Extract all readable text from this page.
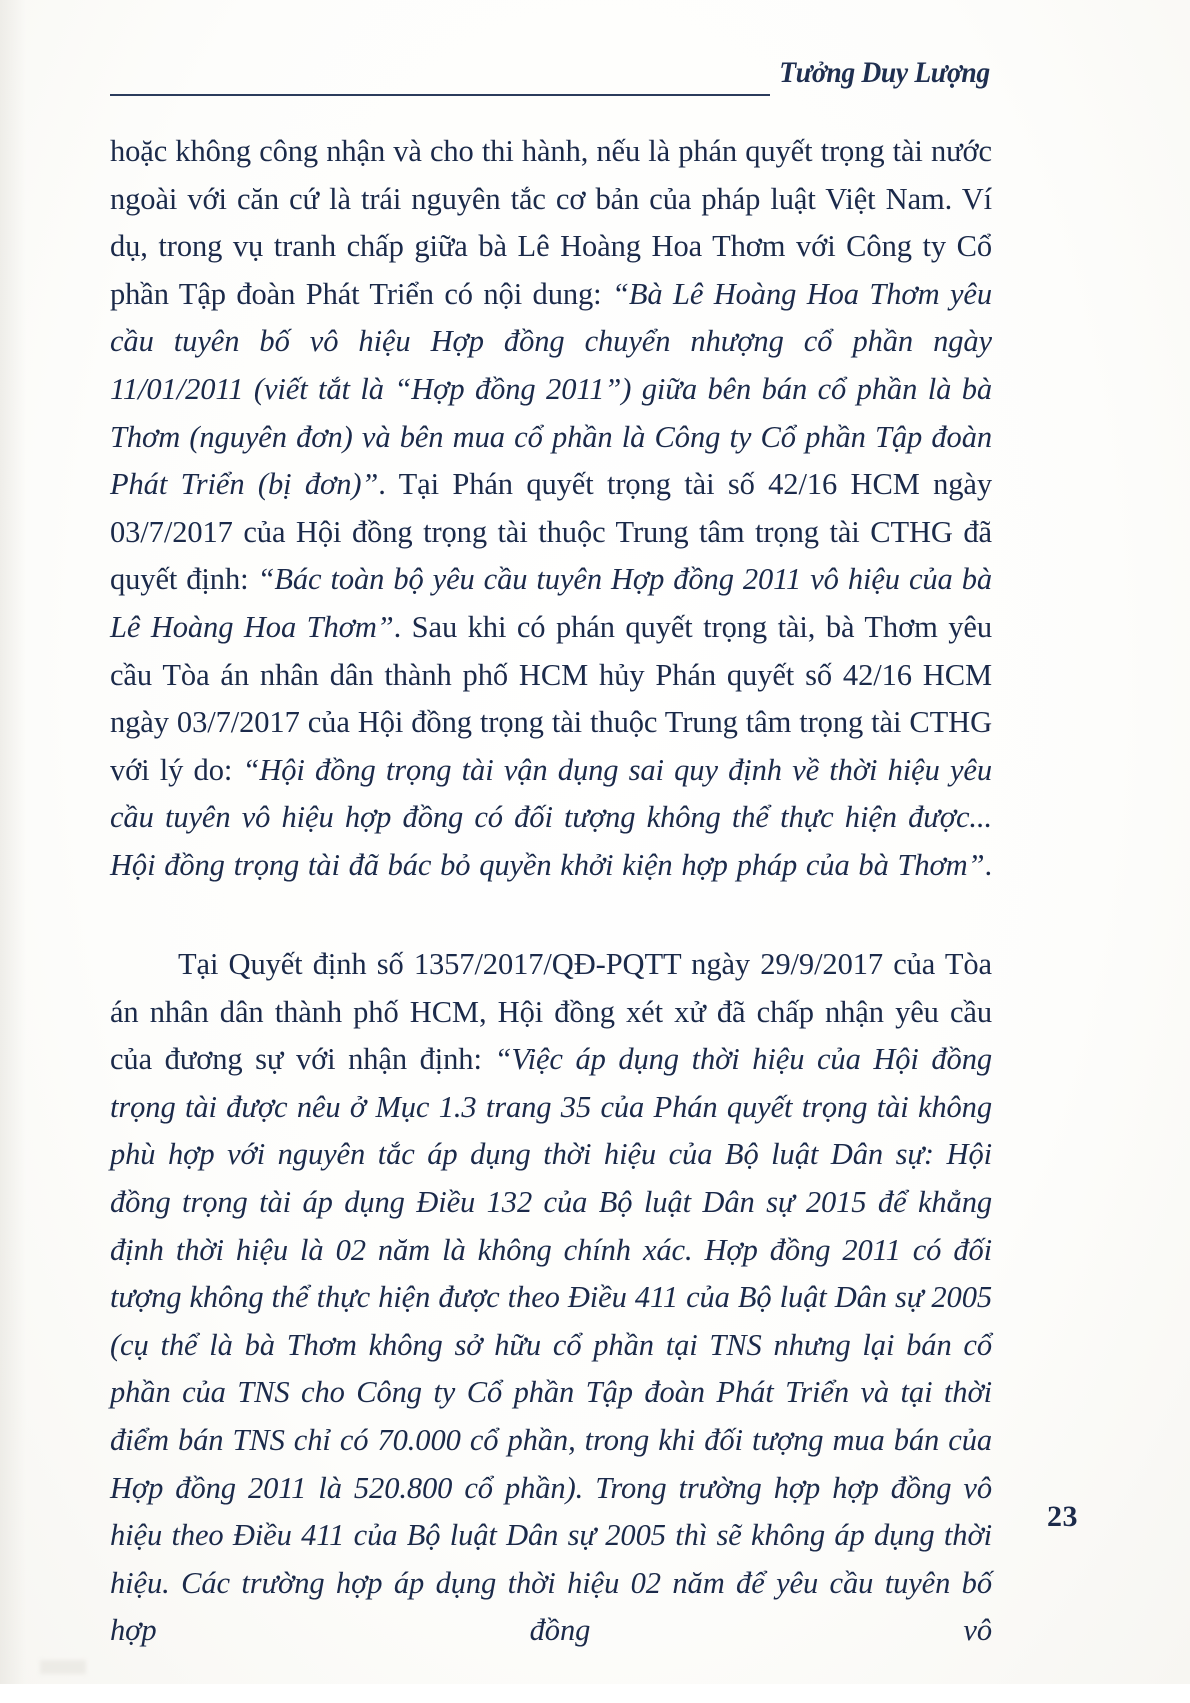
Tưởng Duy Lượng

hoặc không công nhận và cho thi hành, nếu là phán quyết trọng tài nước ngoài với căn cứ là trái nguyên tắc cơ bản của pháp luật Việt Nam. Ví dụ, trong vụ tranh chấp giữa bà Lê Hoàng Hoa Thơm với Công ty Cổ phần Tập đoàn Phát Triển có nội dung: “Bà Lê Hoàng Hoa Thơm yêu cầu tuyên bố vô hiệu Hợp đồng chuyển nhượng cổ phần ngày 11/01/2011 (viết tắt là “Hợp đồng 2011”) giữa bên bán cổ phần là bà Thơm (nguyên đơn) và bên mua cổ phần là Công ty Cổ phần Tập đoàn Phát Triển (bị đơn)”. Tại Phán quyết trọng tài số 42/16 HCM ngày 03/7/2017 của Hội đồng trọng tài thuộc Trung tâm trọng tài CTHG đã quyết định: “Bác toàn bộ yêu cầu tuyên Hợp đồng 2011 vô hiệu của bà Lê Hoàng Hoa Thơm”. Sau khi có phán quyết trọng tài, bà Thơm yêu cầu Tòa án nhân dân thành phố HCM hủy Phán quyết số 42/16 HCM ngày 03/7/2017 của Hội đồng trọng tài thuộc Trung tâm trọng tài CTHG với lý do: “Hội đồng trọng tài vận dụng sai quy định về thời hiệu yêu cầu tuyên vô hiệu hợp đồng có đối tượng không thể thực hiện được... Hội đồng trọng tài đã bác bỏ quyền khởi kiện hợp pháp của bà Thơm”.

Tại Quyết định số 1357/2017/QĐ-PQTT ngày 29/9/2017 của Tòa án nhân dân thành phố HCM, Hội đồng xét xử đã chấp nhận yêu cầu của đương sự với nhận định: “Việc áp dụng thời hiệu của Hội đồng trọng tài được nêu ở Mục 1.3 trang 35 của Phán quyết trọng tài không phù hợp với nguyên tắc áp dụng thời hiệu của Bộ luật Dân sự: Hội đồng trọng tài áp dụng Điều 132 của Bộ luật Dân sự 2015 để khẳng định thời hiệu là 02 năm là không chính xác. Hợp đồng 2011 có đối tượng không thể thực hiện được theo Điều 411 của Bộ luật Dân sự 2005 (cụ thể là bà Thơm không sở hữu cổ phần tại TNS nhưng lại bán cổ phần của TNS cho Công ty Cổ phần Tập đoàn Phát Triển và tại thời điểm bán TNS chỉ có 70.000 cổ phần, trong khi đối tượng mua bán của Hợp đồng 2011 là 520.800 cổ phần). Trong trường hợp hợp đồng vô hiệu theo Điều 411 của Bộ luật Dân sự 2005 thì sẽ không áp dụng thời hiệu. Các trường hợp áp dụng thời hiệu 02 năm để yêu cầu tuyên bố hợp đồng vô

23
